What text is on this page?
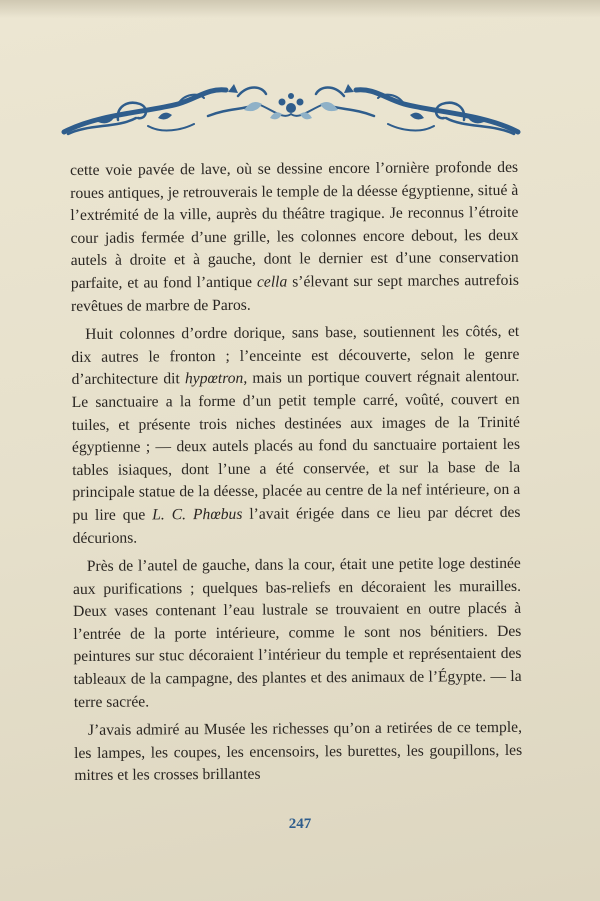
cette voie pavée de lave, où se dessine encore l’ornière profonde des roues antiques, je retrouverais le temple de la déesse égyptienne, situé à l’extrémité de la ville, auprès du théâtre tragique. Je reconnus l’étroite cour jadis fermée d’une grille, les colonnes encore debout, les deux autels à droite et à gauche, dont le dernier est d’une conservation parfaite, et au fond l’antique cella s’élevant sur sept marches autrefois revêtues de marbre de Paros.

Huit colonnes d’ordre dorique, sans base, soutiennent les côtés, et dix autres le fronton ; l’enceinte est découverte, selon le genre d’architecture dit hypœtron, mais un portique couvert régnait alentour. Le sanctuaire a la forme d’un petit temple carré, voûté, couvert en tuiles, et présente trois niches destinées aux images de la Trinité égyptienne ; — deux autels placés au fond du sanctuaire portaient les tables isiaques, dont l’une a été conservée, et sur la base de la principale statue de la déesse, placée au centre de la nef intérieure, on a pu lire que L. C. Phœbus l’avait érigée dans ce lieu par décret des décurions.

Près de l’autel de gauche, dans la cour, était une petite loge destinée aux purifications ; quelques bas-reliefs en décoraient les murailles. Deux vases contenant l’eau lustrale se trouvaient en outre placés à l’entrée de la porte intérieure, comme le sont nos bénitiers. Des peintures sur stuc décoraient l’intérieur du temple et représentaient des tableaux de la campagne, des plantes et des animaux de l’Égypte. — la terre sacrée.

J’avais admiré au Musée les richesses qu’on a retirées de ce temple, les lampes, les coupes, les encensoirs, les burettes, les goupillons, les mitres et les crosses brillantes

247
